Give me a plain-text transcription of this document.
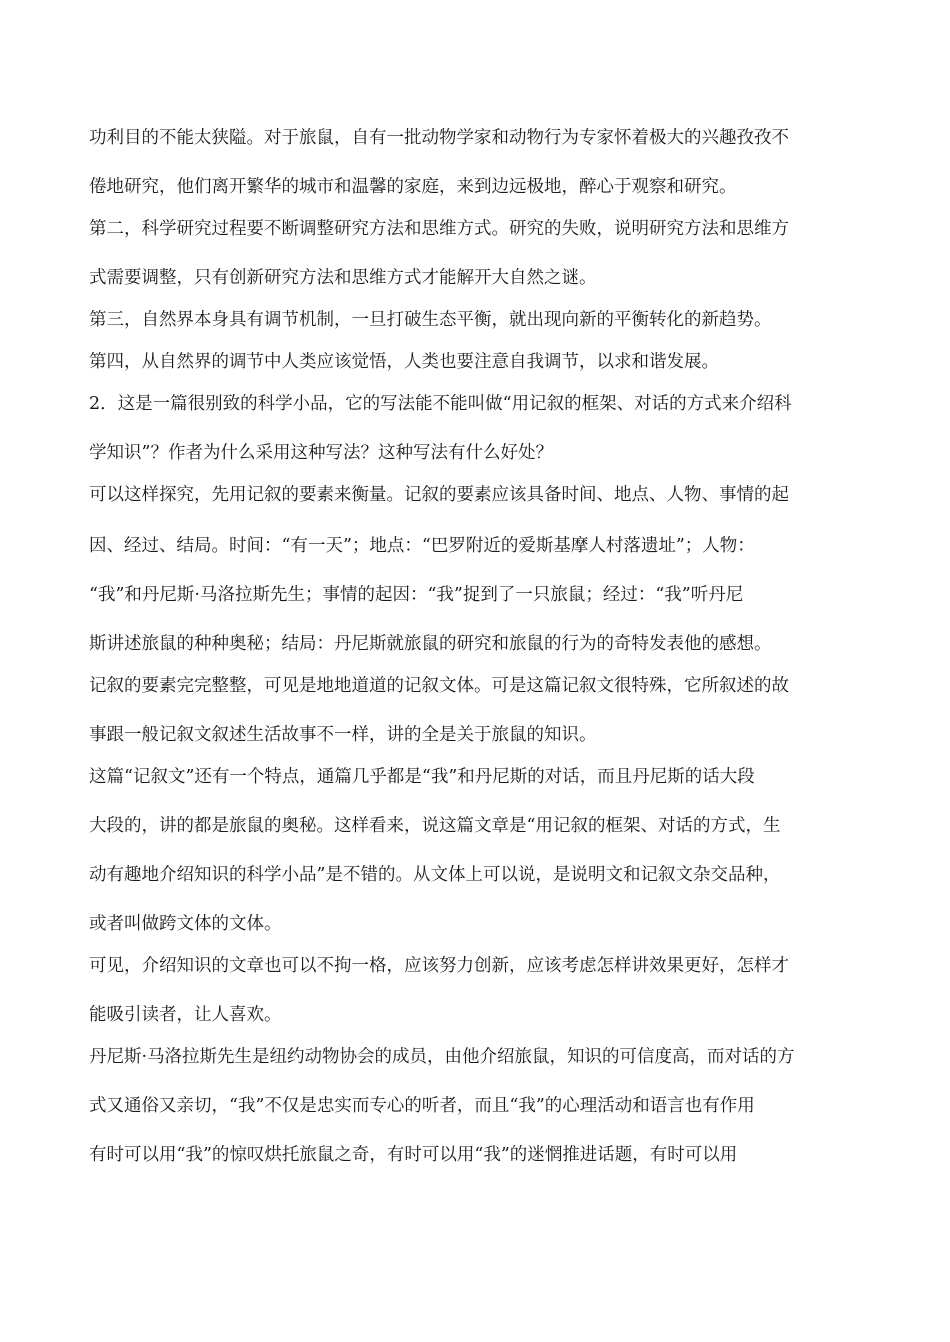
功利目的不能太狭隘。对于旅鼠，自有一批动物学家和动物行为专家怀着极大的兴趣孜孜不
倦地研究，他们离开繁华的城市和温馨的家庭，来到边远极地，醉心于观察和研究。
第二，科学研究过程要不断调整研究方法和思维方式。研究的失败，说明研究方法和思维方
式需要调整，只有创新研究方法和思维方式才能解开大自然之谜。
第三，自然界本身具有调节机制，一旦打破生态平衡，就出现向新的平衡转化的新趋势。
第四，从自然界的调节中人类应该觉悟，人类也要注意自我调节，以求和谐发展。
2．这是一篇很别致的科学小品，它的写法能不能叫做“用记叙的框架、对话的方式来介绍科
学知识”？作者为什么采用这种写法？这种写法有什么好处？
可以这样探究，先用记叙的要素来衡量。记叙的要素应该具备时间、地点、人物、事情的起
因、经过、结局。时间：“有一天”；地点：“巴罗附近的爱斯基摩人村落遗址”；人物：
“我”和丹尼斯·马洛拉斯先生；事情的起因：“我”捉到了一只旅鼠；经过：“我”听丹尼
斯讲述旅鼠的种种奥秘；结局：丹尼斯就旅鼠的研究和旅鼠的行为的奇特发表他的感想。
记叙的要素完完整整，可见是地地道道的记叙文体。可是这篇记叙文很特殊，它所叙述的故
事跟一般记叙文叙述生活故事不一样，讲的全是关于旅鼠的知识。
这篇“记叙文”还有一个特点，通篇几乎都是“我”和丹尼斯的对话，而且丹尼斯的话大段
大段的，讲的都是旅鼠的奥秘。这样看来，说这篇文章是“用记叙的框架、对话的方式，生
动有趣地介绍知识的科学小品”是不错的。从文体上可以说，是说明文和记叙文杂交品种，
或者叫做跨文体的文体。
可见，介绍知识的文章也可以不拘一格，应该努力创新，应该考虑怎样讲效果更好，怎样才
能吸引读者，让人喜欢。
丹尼斯·马洛拉斯先生是纽约动物协会的成员，由他介绍旅鼠，知识的可信度高，而对话的方
式又通俗又亲切，“我”不仅是忠实而专心的听者，而且“我”的心理活动和语言也有作用
有时可以用“我”的惊叹烘托旅鼠之奇，有时可以用“我”的迷惘推进话题，有时可以用
